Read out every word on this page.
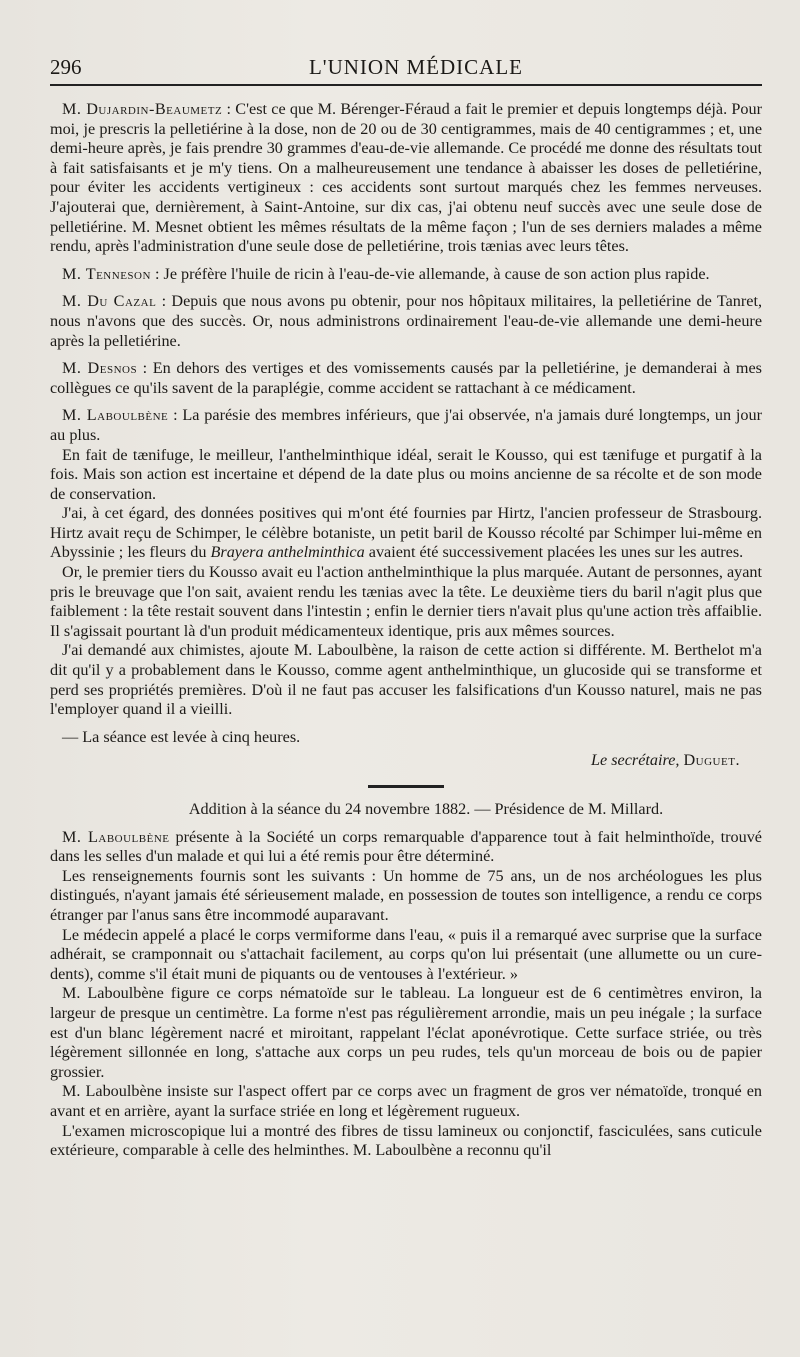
296	L'UNION MÉDICALE

M. Dujardin-Beaumetz : C'est ce que M. Bérenger-Féraud a fait le premier et depuis longtemps déjà. Pour moi, je prescris la pelletiérine à la dose, non de 20 ou de 30 centigrammes, mais de 40 centigrammes ; et, une demi-heure après, je fais prendre 30 grammes d'eau-de-vie allemande. Ce procédé me donne des résultats tout à fait satisfaisants et je m'y tiens. On a malheureusement une tendance à abaisser les doses de pelletiérine, pour éviter les accidents vertigineux : ces accidents sont surtout marqués chez les femmes nerveuses. J'ajouterai que, dernièrement, à Saint-Antoine, sur dix cas, j'ai obtenu neuf succès avec une seule dose de pelletiérine. M. Mesnet obtient les mêmes résultats de la même façon ; l'un de ses derniers malades a même rendu, après l'administration d'une seule dose de pelletiérine, trois tænias avec leurs têtes.

M. Tenneson : Je préfère l'huile de ricin à l'eau-de-vie allemande, à cause de son action plus rapide.

M. Du Cazal : Depuis que nous avons pu obtenir, pour nos hôpitaux militaires, la pelletiérine de Tanret, nous n'avons que des succès. Or, nous administrons ordinairement l'eau-de-vie allemande une demi-heure après la pelletiérine.

M. Desnos : En dehors des vertiges et des vomissements causés par la pelletiérine, je demanderai à mes collègues ce qu'ils savent de la paraplégie, comme accident se rattachant à ce médicament.

M. Laboulbène : La parésie des membres inférieurs, que j'ai observée, n'a jamais duré longtemps, un jour au plus.

En fait de tænifuge, le meilleur, l'anthelminthique idéal, serait le Kousso, qui est tænifuge et purgatif à la fois. Mais son action est incertaine et dépend de la date plus ou moins ancienne de sa récolte et de son mode de conservation.

J'ai, à cet égard, des données positives qui m'ont été fournies par Hirtz, l'ancien professeur de Strasbourg. Hirtz avait reçu de Schimper, le célèbre botaniste, un petit baril de Kousso récolté par Schimper lui-même en Abyssinie ; les fleurs du Brayera anthelminthica avaient été successivement placées les unes sur les autres.

Or, le premier tiers du Kousso avait eu l'action anthelminthique la plus marquée. Autant de personnes, ayant pris le breuvage que l'on sait, avaient rendu les tænias avec la tête. Le deuxième tiers du baril n'agit plus que faiblement : la tête restait souvent dans l'intestin ; enfin le dernier tiers n'avait plus qu'une action très affaiblie. Il s'agissait pourtant là d'un produit médicamenteux identique, pris aux mêmes sources.

J'ai demandé aux chimistes, ajoute M. Laboulbène, la raison de cette action si différente. M. Berthelot m'a dit qu'il y a probablement dans le Kousso, comme agent anthelminthique, un glucoside qui se transforme et perd ses propriétés premières. D'où il ne faut pas accuser les falsifications d'un Kousso naturel, mais ne pas l'employer quand il a vieilli.

— La séance est levée à cinq heures.

Le secrétaire, Duguet.
Addition à la séance du 24 novembre 1882. — Présidence de M. Millard.

M. Laboulbène présente à la Société un corps remarquable d'apparence tout à fait helminthoïde, trouvé dans les selles d'un malade et qui lui a été remis pour être déterminé.

Les renseignements fournis sont les suivants : Un homme de 75 ans, un de nos archéologues les plus distingués, n'ayant jamais été sérieusement malade, en possession de toutes son intelligence, a rendu ce corps étranger par l'anus sans être incommodé auparavant.

Le médecin appelé a placé le corps vermiforme dans l'eau, « puis il a remarqué avec surprise que la surface adhérait, se cramponnait ou s'attachait facilement, au corps qu'on lui présentait (une allumette ou un cure-dents), comme s'il était muni de piquants ou de ventouses à l'extérieur. »

M. Laboulbène figure ce corps nématoïde sur le tableau. La longueur est de 6 centimètres environ, la largeur de presque un centimètre. La forme n'est pas régulièrement arrondie, mais un peu inégale ; la surface est d'un blanc légèrement nacré et miroitant, rappelant l'éclat aponévrotique. Cette surface striée, ou très légèrement sillonnée en long, s'attache aux corps un peu rudes, tels qu'un morceau de bois ou de papier grossier.

M. Laboulbène insiste sur l'aspect offert par ce corps avec un fragment de gros ver nématoïde, tronqué en avant et en arrière, ayant la surface striée en long et légèrement rugueux.

L'examen microscopique lui a montré des fibres de tissu lamineux ou conjonctif, fasciculées, sans cuticule extérieure, comparable à celle des helminthes. M. Laboulbène a reconnu qu'il
